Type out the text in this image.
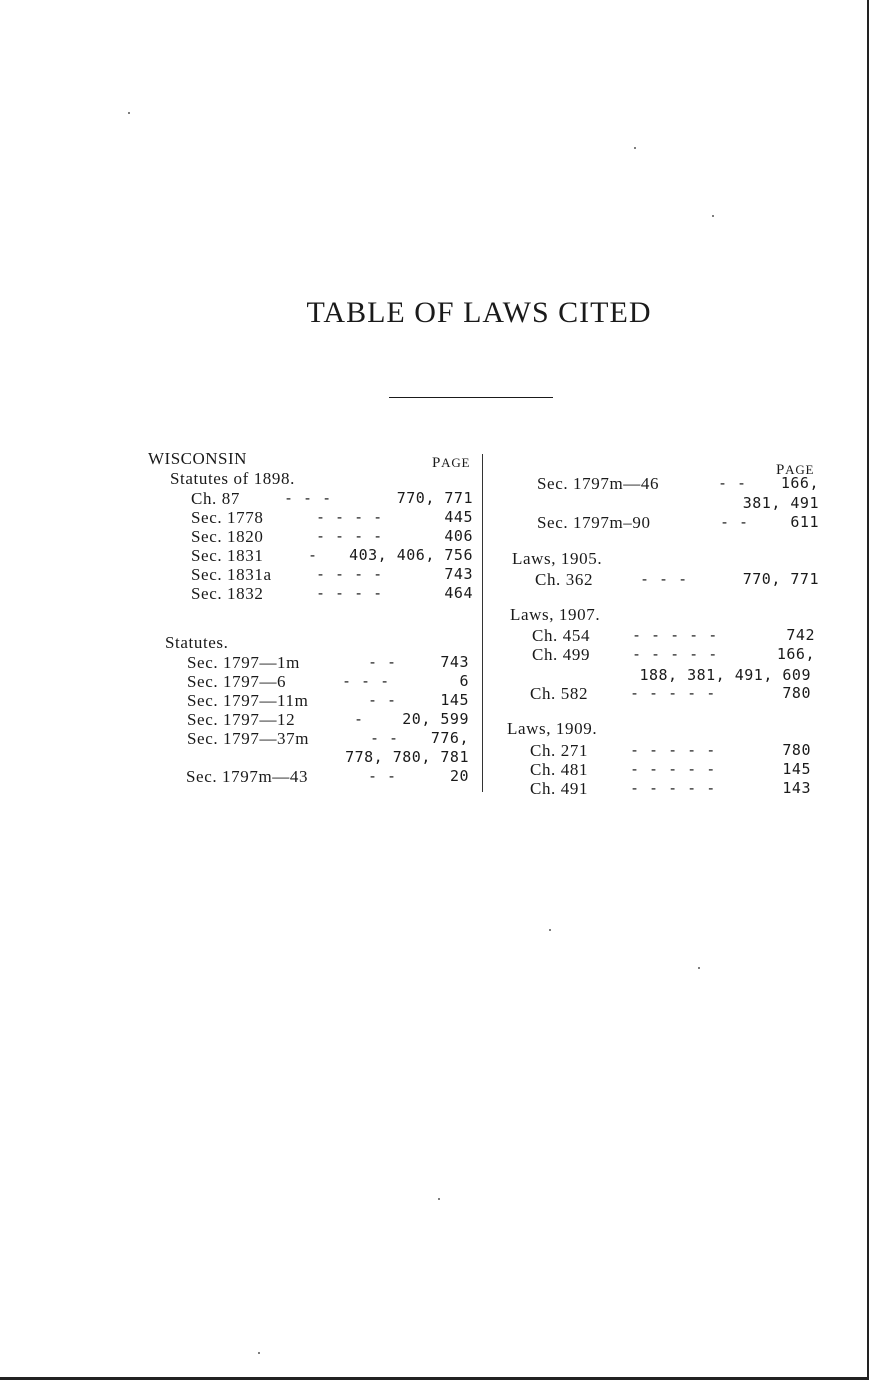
TABLE OF LAWS CITED
WISCONSIN	PAGE
Statutes of 1898.
Ch. 87	- - -	770, 771
Sec. 1778	- - - -	445
Sec. 1820	- - - -	406
Sec. 1831	- 403, 406, 756
Sec. 1831a	- - - -	743
Sec. 1832	- - - -	464
Statutes.
Sec. 1797—1m	- -	743
Sec. 1797—6	- - -	6
Sec. 1797—11m	- -	145
Sec. 1797—12	-	20, 599
Sec. 1797—37m	- - 776,
778, 780, 781
Sec. 1797m—43	- -	20
PAGE
Sec. 1797m—46	- - 166,
381, 491
Sec. 1797m–90	- -	611
Laws, 1905.
Ch. 362	- - -	770, 771
Laws, 1907.
Ch. 454	- - - - -	742
Ch. 499	- - - - -	166,
188, 381, 491, 609
Ch. 582	- - - - -	780
Laws, 1909.
Ch. 271	- - - - -	780
Ch. 481	- - - - -	145
Ch. 491	- - - - -	143
